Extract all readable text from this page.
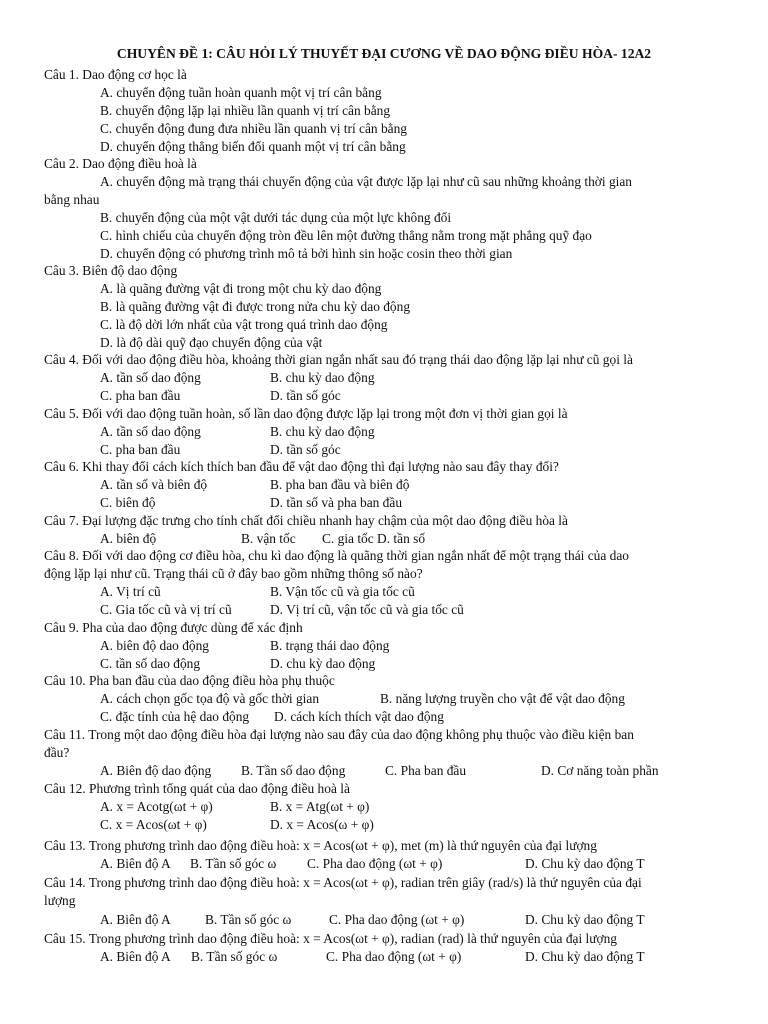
CHUYÊN ĐỀ 1: CÂU HỎI LÝ THUYẾT ĐẠI CƯƠNG VỀ DAO ĐỘNG ĐIỀU HÒA- 12A2
Câu 1. Dao động cơ học là
A. chuyển động tuần hoàn quanh một vị trí cân bằng
B. chuyển động lặp lại nhiều lần quanh vị trí cân bằng
C. chuyển động đung đưa nhiều lần quanh vị trí cân bằng
D. chuyển động thẳng biến đổi quanh một vị trí cân bằng
Câu 2. Dao động điều hoà là
A. chuyển động mà trạng thái chuyển động của vật được lặp lại như cũ sau những khoảng thời gian
bằng nhau
B. chuyển động của một vật dưới tác dụng của một lực không đổi
C. hình chiếu của chuyển động tròn đều lên một đường thẳng nằm trong mặt phẳng quỹ đạo
D. chuyển động có phương trình mô tả bởi hình sin hoặc cosin theo thời gian
Câu 3. Biên độ dao động
A. là quãng đường vật đi trong một chu kỳ dao động
B. là quãng đường vật đi được trong nửa chu kỳ dao động
C. là độ dời lớn nhất của vật trong quá trình dao động
D. là độ dài quỹ đạo chuyển động của vật
Câu 4. Đối với dao động điều hòa, khoảng thời gian ngắn nhất sau đó trạng thái dao động lặp lại như cũ gọi là
A. tần số dao động	B. chu kỳ dao động
C. pha ban đầu	D. tần số góc
Câu 5. Đối với dao động tuần hoàn, số lần dao động được lặp lại trong một đơn vị thời gian gọi là
A. tần số dao động	B. chu kỳ dao động
C. pha ban đầu	D. tần số góc
Câu 6. Khi thay đổi cách kích thích ban đầu để vật dao động thì đại lượng nào sau đây thay đổi?
A. tần số và biên độ	B. pha ban đầu và biên độ
C. biên độ	D. tần số và pha ban đầu
Câu 7. Đại lượng đặc trưng cho tính chất đổi chiều nhanh hay chậm của một dao động điều hòa là
A. biên độ	B. vận tốc C. gia tốc D. tần số
Câu 8. Đối với dao động cơ điều hòa, chu kì dao động là quãng thời gian ngắn nhất để một trạng thái của dao
động lặp lại như cũ. Trạng thái cũ ở đây bao gồm những thông số nào?
A. Vị trí cũ	B. Vận tốc cũ và gia tốc cũ
C. Gia tốc cũ và vị trí cũ	D. Vị trí cũ, vận tốc cũ và gia tốc cũ
Câu 9. Pha của dao động được dùng để xác định
A. biên độ dao động	B. trạng thái dao động
C. tần số dao động	D. chu kỳ dao động
Câu 10. Pha ban đầu của dao động điều hòa phụ thuộc
A. cách chọn gốc tọa độ và gốc thời gian	B. năng lượng truyền cho vật để vật dao động
C. đặc tính của hệ dao động D. cách kích thích vật dao động
Câu 11. Trong một dao động điều hòa đại lượng nào sau đây của dao động không phụ thuộc vào điều kiện ban
đầu?
A. Biên độ dao động B. Tần số dao động	C. Pha ban đầu	D. Cơ năng toàn phần
Câu 12. Phương trình tổng quát của dao động điều hoà là
A. x = Acotg(ωt + φ)	B. x = Atg(ωt + φ)
C. x = Acos(ωt + φ)	D. x = Acos(ω + φ)
Câu 13. Trong phương trình dao động điều hoà: x = Acos(ωt + φ), met (m) là thứ nguyên của đại lượng
A. Biên độ A B. Tần số góc ω C. Pha dao động (ωt + φ)	D. Chu kỳ dao động T
Câu 14. Trong phương trình dao động điều hoà: x = Acos(ωt + φ), radian trên giây (rad/s) là thứ nguyên của đại
lượng
A. Biên độ A	B. Tần số góc ω	C. Pha dao động (ωt + φ)	D. Chu kỳ dao động T
Câu 15. Trong phương trình dao động điều hoà: x = Acos(ωt + φ), radian (rad) là thứ nguyên của đại lượng
A. Biên độ A B. Tần số góc ω	C. Pha dao động (ωt + φ)	D. Chu kỳ dao động T
